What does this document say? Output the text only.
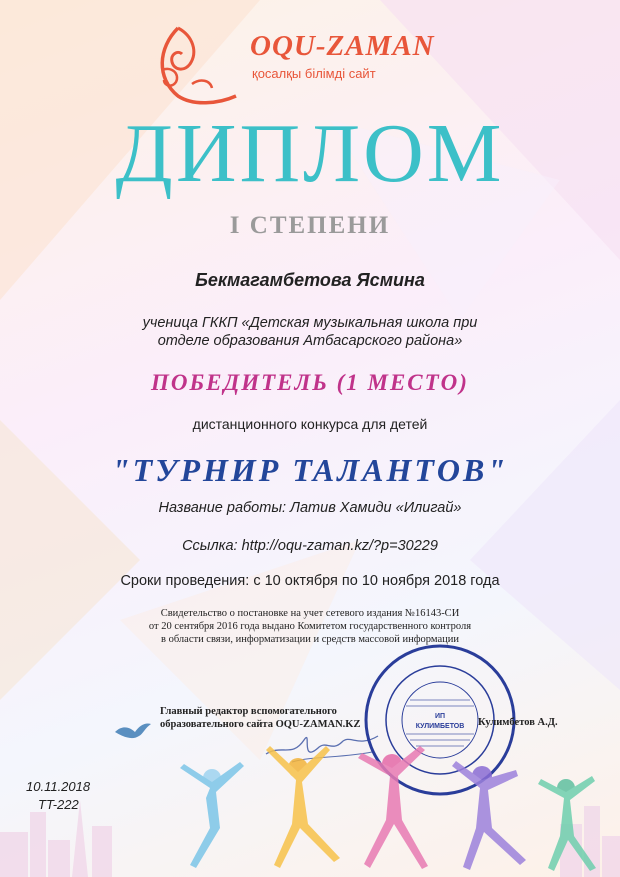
OQU-ZAMAN
қосалқы білімді сайт
ДИПЛОМ
I СТЕПЕНИ
Бекмагамбетова Ясмина
ученица ГККП «Детская музыкальная школа при
отделе образования Атбасарского района»
ПОБЕДИТЕЛЬ (1 МЕСТО)
дистанционного конкурса для детей
"ТУРНИР ТАЛАНТОВ"
Название работы: Латив Хамиди «Илигай»
Ссылка: http://oqu-zaman.kz/?p=30229
Сроки проведения: с 10 октября по 10 ноября 2018 года
Свидетельство о постановке на учет сетевого издания №16143-СИ
от 20 сентября 2016 года выдано Комитетом государственного контроля
в области связи, информатизации и средств массовой информации
Главный редактор вспомогательного
образовательного сайта OQU-ZAMAN.KZ
ИП
КУЛИМБЕТОВ Кулимбетов А.Д.
10.11.2018
TT-222
